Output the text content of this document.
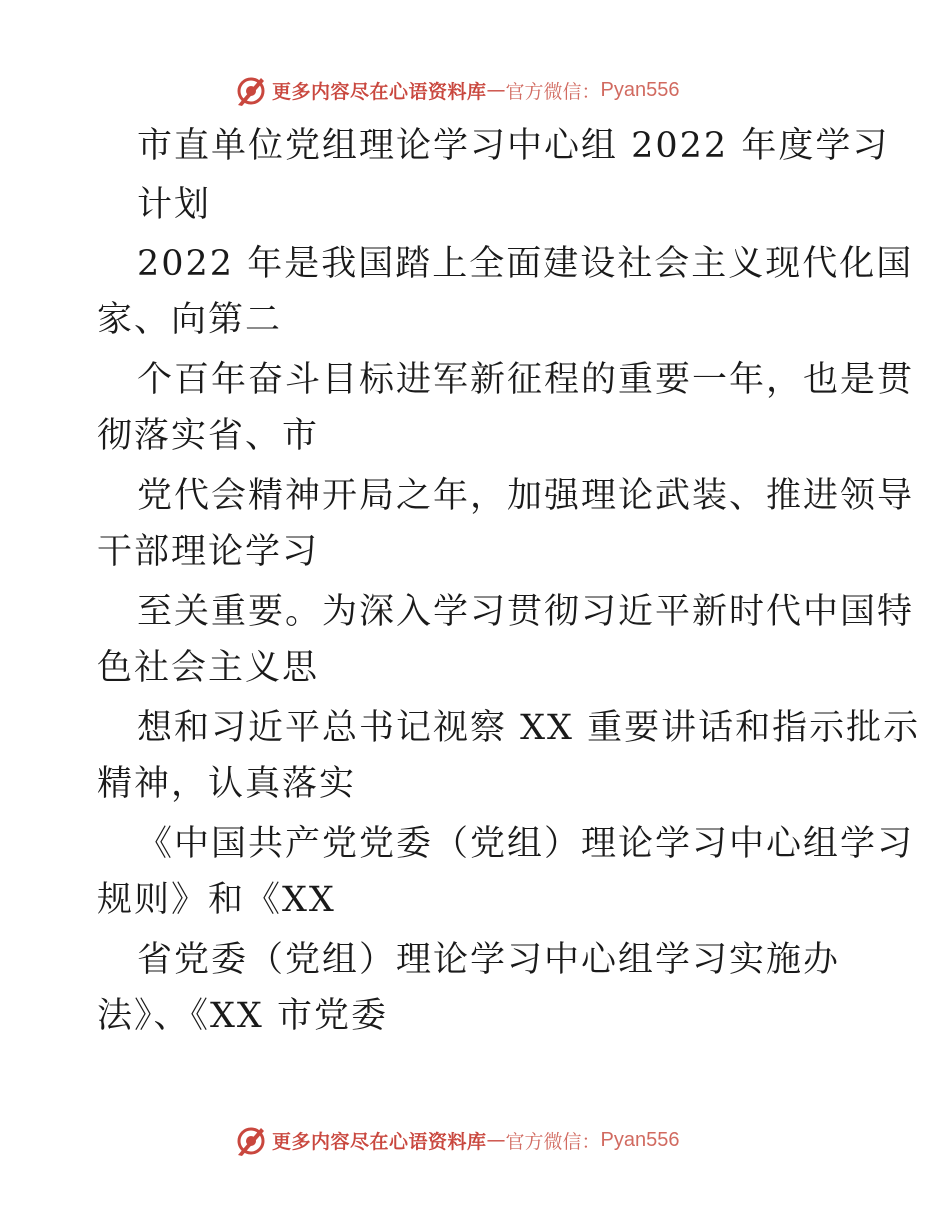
更多内容尽在心语资料库 — 官方微信： Pyan556
市直单位党组理论学习中心组 2022 年度学习
计划
2022 年是我国踏上全面建设社会主义现代化国
家、向第二
个百年奋斗目标进军新征程的重要一年，也是贯
彻落实省、市
党代会精神开局之年，加强理论武装、推进领导
干部理论学习
至关重要。为深入学习贯彻习近平新时代中国特
色社会主义思
想和习近平总书记视察 XX 重要讲话和指示批示
精神，认真落实
《中国共产党党委（党组）理论学习中心组学习
规则》和《XX
省党委（党组）理论学习中心组学习实施办
法》、《XX 市党委
更多内容尽在心语资料库 — 官方微信： Pyan556
